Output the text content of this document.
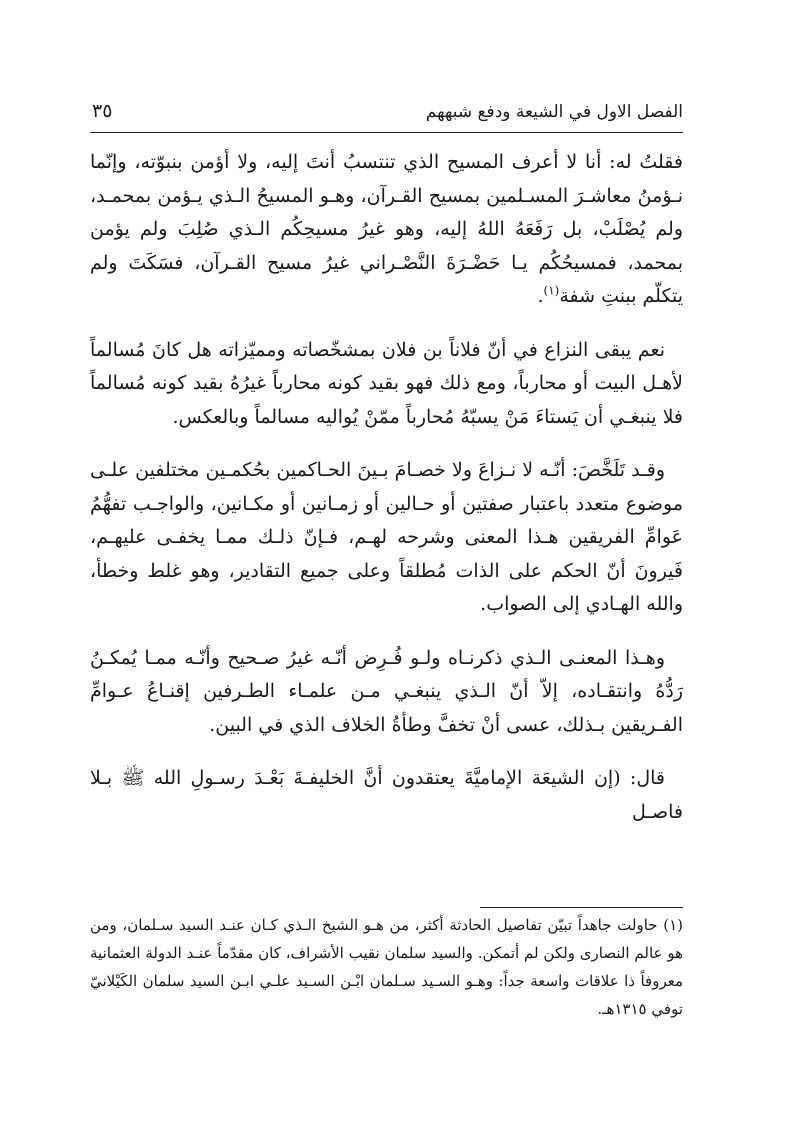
الفصل الاول في الشيعة ودفع شبههم
٣٥

فقلتُ له: أنا لا أعرف المسيح الذي تنتسبُ أنتَ إليه، ولا أؤمن بنبوّته، وإنّما نـؤمنُ معاشـرَ المسـلمين بمسيح القـرآن، وهـو المسيحُ الـذي يـؤمن بمحمـد، ولم يُصْلَبْ، بل رَفَعَهُ اللهُ إليه، وهو غيرُ مسيحِكُم الـذي صُلِبَ ولم يؤمن بمحمد، فمسيحُكُم يـا حَضْـرَةَ النَّصْـراني غيرُ مسيح القـرآن، فسَكَتَ ولم يتكلّم ببنتِ شفة$^{(١)}$.

نعم يبقى النزاع في أنّ فلاناً بن فلان بمشخّصاته ومميّزاته هل كانَ مُسالماً لأهـل البيت أو محارباً، ومع ذلك فهو بقيد كونه محارباً غيرُهُ بقيد كونه مُسالماً فلا ينبغـي أن يَستاءَ مَنْ يسبّهُ مُحارباً ممّنْ يُواليه مسالماً وبالعكس.

وقـد تَلَخَّصَ: أنّـه لا نـزاعَ ولا خصـامَ بـينَ الحـاكمين بحُكمـين مختلفين علـى موضوع متعدد باعتبار صفتين أو حـالين أو زمـانين أو مكـانين، والواجـب تفهُّمُ عَوامِّ الفريقين هـذا المعنى وشرحه لهـم، فـإنّ ذلـك ممـا يخفـى عليهـم، فَيرونَ أنّ الحكم على الذات مُطلقاً وعلى جميع التقادير، وهو غلط وخطأ، والله الهـادي إلى الصواب.

وهـذا المعنـى الـذي ذكرنـاه ولـو فُـرِض أنّـه غيرُ صـحيح وأنّـه ممـا يُمكـنُ رَدُّهُ وانتقـاده، إلاّ أنّ الـذي ينبغـي مـن علمـاء الطـرفين إقنـاعُ عـوامِّ الفـريقين بـذلك، عسى أنْ تخفَّ وطأةُ الخلاف الذي في البين.

قال: (إن الشيعَة الإماميَّةَ يعتقدون أنَّ الخليفـةَ بَعْـدَ رسـولِ الله ﷺ بـلا فاصـل

(١) حاولت جاهداً تبيّن تفاصيل الحادثة أكثر، من هـو الشيخ الـذي كـان عنـد السيد سـلمان، ومن هو عالم النصارى ولكن لم أتمكن. والسيد سلمان نقيب الأشراف، كان مقدّماً عنـد الدولة العثمانية معروفاً ذا علاقات واسعة جداً: وهـو السـيد سـلمان ابْـن السـيد علـي ابـن السيد سلمان الكَيْلانيّ توفي ١٣١٥هـ.
